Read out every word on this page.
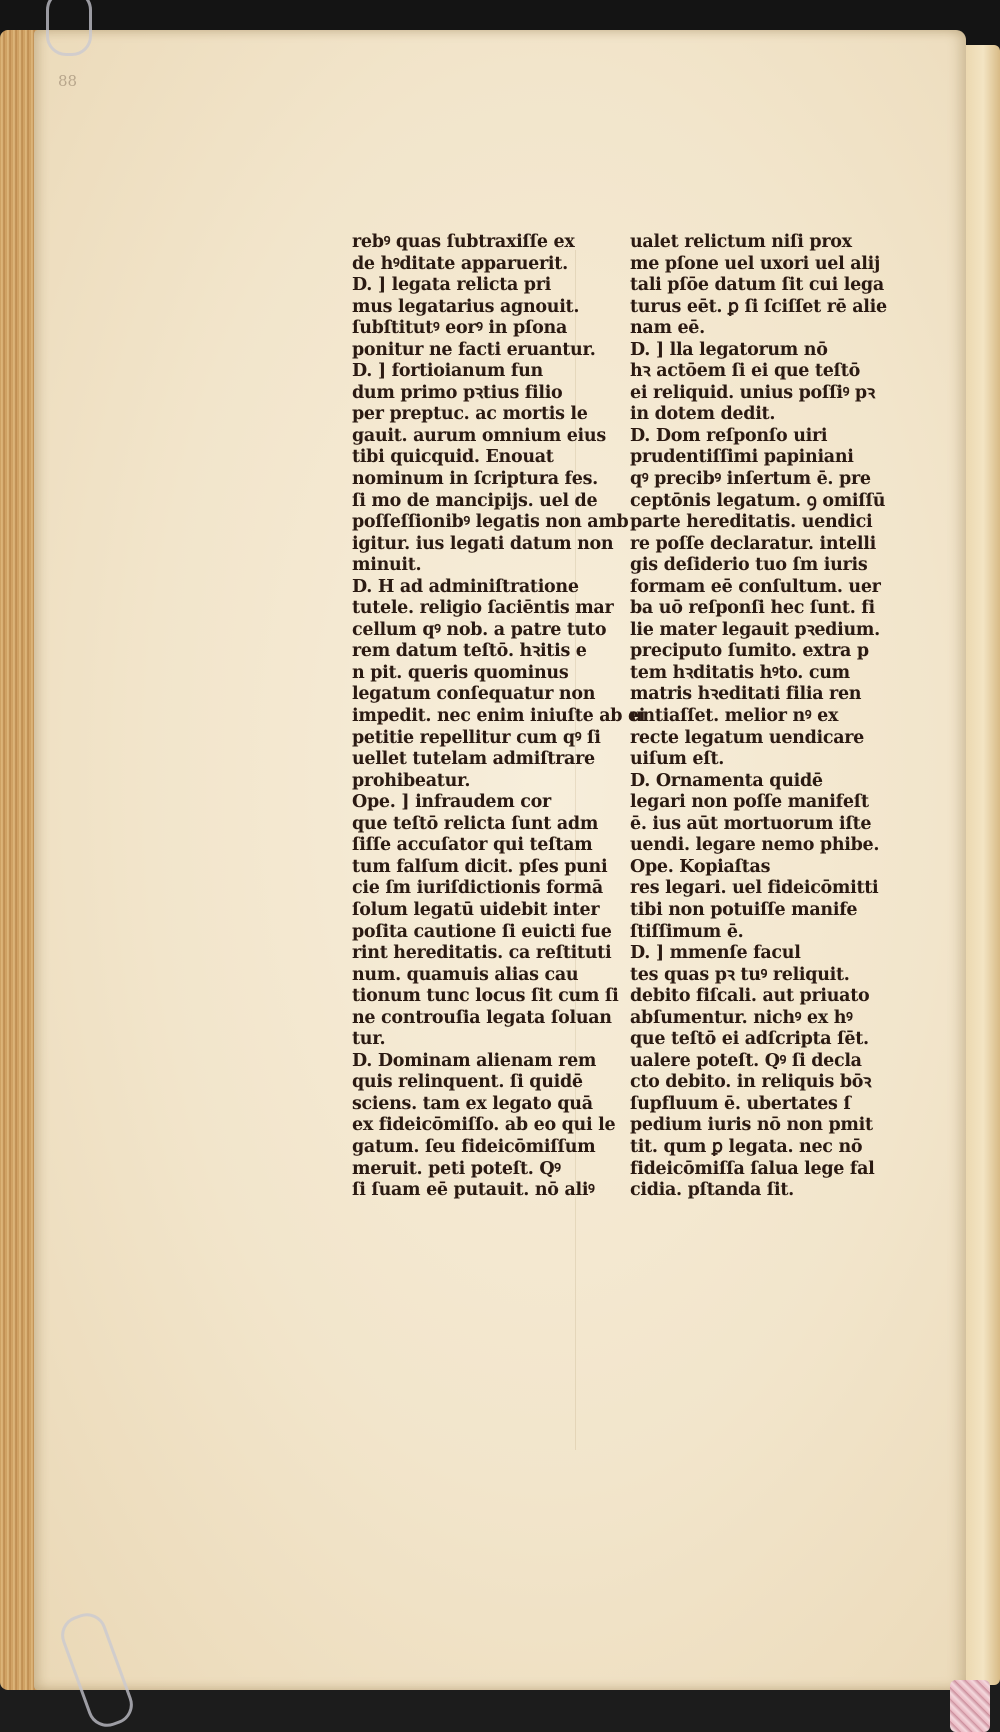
88
rebꝰ quas ſubtraxiſſe ex
de hꝰditate apparuerit.
D. ] legata relicta pri
mus legatarius agnouit.
ſubſtitutꝰ eorꝰ in pſona
ponitur ne facti eruantur.
D. ] fortioianum fun
dum primo pꝛtius filio
per preptuc. ac mortis le
gauit. aurum omnium eius
tibi quicquid. Enouat
nominum in ſcriptura fes.
ſi mo de mancipijs. uel de
poſſeſſionibꝰ legatis non amb
igitur. ius legati datum non
minuit.
D. H ad adminiſtratione
tutele. religio ſaciēntis mar
cellum qꝰ nob. a patre tuto
rem datum teſtō. hꝛitis e
n pit. queris quominus
legatum conſequatur non
impedit. nec enim iniuſte ab ei
petitie repellitur cum qꝰ ſi
uellet tutelam admiſtrare
prohibeatur.
Ope. ] infraudem cor
que teſtō relicta ſunt adm
ſiſſe accuſator qui teſtam
tum falſum dicit. pſes puni
cie ſm iuriſdictionis formā
ſolum legatū uidebit inter
poſita cautione ſi euicti fue
rint hereditatis. ca reſtituti
num. quamuis alias cau
tionum tunc locus ſit cum ſi
ne controuſia legata ſoluan
tur.
D. Dominam alienam rem
quis relinquent. ſi quidē
sciens. tam ex legato quā
ex fideicōmiſſo. ab eo qui le
gatum. ſeu fideicōmiſſum
meruit. peti poteſt. Qꝰ
ſi ſuam eē putauit. nō aliꝰ
ualet relictum niſi prox
me pſone uel uxori uel alij
tali pſōe datum ſit cui lega
turus eēt. ꝑ ſi ſciſſet rē alie
nam eē.
D. ] lla legatorum nō
hꝛ actōem ſi ei que teſtō
ei reliquid. unius poſſiꝰ pꝛ
in dotem dedit.
D. Dom reſponſo uiri
prudentiſſimi papiniani
qꝰ precibꝰ inſertum ē. pre
ceptōnis legatum. ꝯ omiſſū
parte hereditatis. uendici
re poſſe declaratur. intelli
gis deſiderio tuo ſm iuris
formam eē conſultum. uer
ba uō reſponſi hec ſunt. fi
lie mater legauit pꝛedium.
preciputo ſumito. extra p
tem hꝛditatis hꝰto. cum
matris hꝛeditati filia ren
untiaſſet. melior nꝰ ex
recte legatum uendicare
uiſum eſt.
D. Ornamenta quidē
legari non poſſe manifeſt
ē. ius aūt mortuorum iſte
uendi. legare nemo phibe.
Ope. Kopiaſtas
res legari. uel fideicōmitti
tibi non potuiſſe manife
ſtiſſimum ē.
D. ] mmenſe facul
tes quas pꝛ tuꝰ reliquit.
debito fiſcali. aut priuato
abſumentur. nichꝰ ex hꝰ
que teſtō ei adſcripta ſēt.
ualere poteſt. Qꝰ ſi decla
cto debito. in reliquis bōꝛ
ſupfluum ē. ubertates ſ
pedium iuris nō non pmit
tit. qum ꝑ legata. nec nō
fideicōmiſſa ſalua lege fal
cidia. pſtanda ſit.
